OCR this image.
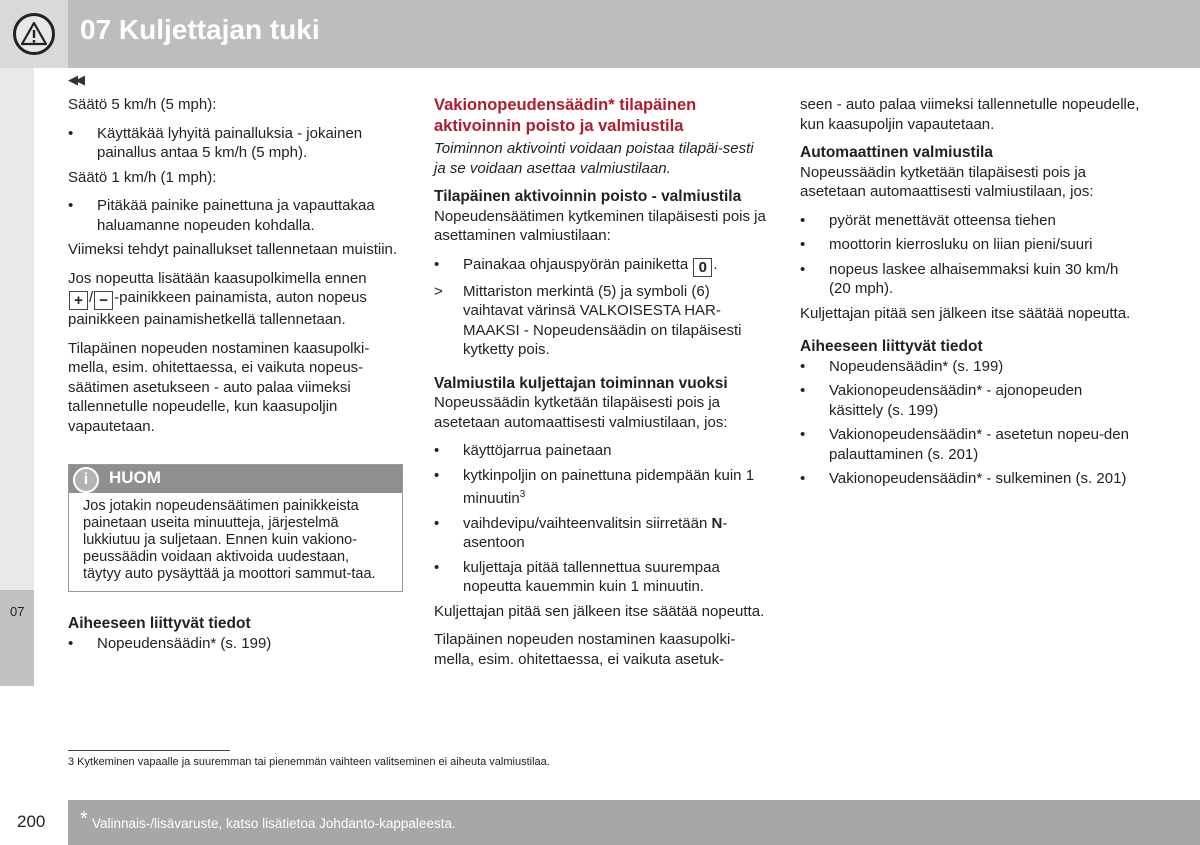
07 Kuljettajan tuki
07
◀◀

Säätö 5 km/h (5 mph):

• Käyttäkää lyhyitä painalluksia - jokainen painallus antaa 5 km/h (5 mph).

Säätö 1 km/h (1 mph):

• Pitäkää painike painettuna ja vapauttakaa haluamanne nopeuden kohdalla.

Viimeksi tehdyt painallukset tallennetaan muistiin.

Jos nopeutta lisätään kaasupolkimella ennen
+ / − -painikkeen painamista, auton nopeus painikkeen painamishetkellä tallennetaan.

Tilapäinen nopeuden nostaminen kaasupolki-mella, esim. ohitettaessa, ei vaikuta nopeus-säätimen asetukseen - auto palaa viimeksi tallennetulle nopeudelle, kun kaasupoljin vapautetaan.

i	HUOM
Jos jotakin nopeudensäätimen painikkeista painetaan useita minuutteja, järjestelmä lukkiutuu ja suljetaan. Ennen kuin vakiono-peussäädin voidaan aktivoida uudestaan, täytyy auto pysäyttää ja moottori sammut-taa.

Aiheeseen liittyvät tiedot

• Nopeudensäädin* (s. 199)

Vakionopeudensäädin* tilapäinen aktivoinnin poisto ja valmiustila

Toiminnon aktivointi voidaan poistaa tilapäi-sesti ja se voidaan asettaa valmiustilaan.

Tilapäinen aktivoinnin poisto - valmiustila

Nopeudensäätimen kytkeminen tilapäisesti pois ja asettaminen valmiustilaan:

• Painakaa ohjauspyörän painiketta 0 .
> Mittariston merkintä (5) ja symboli (6) vaihtavat värinsä VALKOISESTA HAR-MAAKSI - Nopeudensäädin on tilapäisesti kytketty pois.

Valmiustila kuljettajan toiminnan vuoksi

Nopeussäädin kytketään tilapäisesti pois ja asetetaan automaattisesti valmiustilaan, jos:

• käyttöjarrua painetaan
• kytkinpoljin on painettuna pidempään kuin 1 minuutin$^3$
• vaihdevipu/vaihteenvalitsin siirretään N-asentoon
• kuljettaja pitää tallennettua suurempaa nopeutta kauemmin kuin 1 minuutin.

Kuljettajan pitää sen jälkeen itse säätää nopeutta.

Tilapäinen nopeuden nostaminen kaasupolki-mella, esim. ohitettaessa, ei vaikuta asetuk-

seen - auto palaa viimeksi tallennetulle nopeudelle, kun kaasupoljin vapautetaan.

Automaattinen valmiustila

Nopeussäädin kytketään tilapäisesti pois ja asetetaan automaattisesti valmiustilaan, jos:

• pyörät menettävät otteensa tiehen
• moottorin kierrosluku on liian pieni/suuri
• nopeus laskee alhaisemmaksi kuin 30 km/h (20 mph).

Kuljettajan pitää sen jälkeen itse säätää nopeutta.

Aiheeseen liittyvät tiedot

• Nopeudensäädin* (s. 199)
• Vakionopeudensäädin* - ajonopeuden käsittely (s. 199)
• Vakionopeudensäädin* - asetetun nopeu-den palauttaminen (s. 201)
• Vakionopeudensäädin* - sulkeminen (s. 201)
3 Kytkeminen vapaalle ja suuremman tai pienemmän vaihteen valitseminen ei aiheuta valmiustilaa.
200 * Valinnais-/lisävaruste, katso lisätietoa Johdanto-kappaleesta.
